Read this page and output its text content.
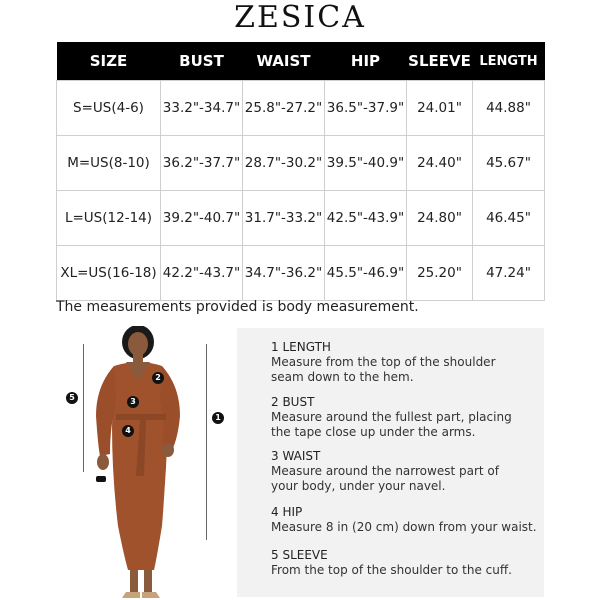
ZESICA
SIZE	BUST	WAIST	HIP	SLEEVE	LENGTH
S=US(4-6)	33.2"-34.7"	25.8"-27.2"	36.5"-37.9"	24.01"	44.88"
M=US(8-10)	36.2"-37.7"	28.7"-30.2"	39.5"-40.9"	24.40"	45.67"
L=US(12-14)	39.2"-40.7"	31.7"-33.2"	42.5"-43.9"	24.80"	46.45"
XL=US(16-18)	42.2"-43.7"	34.7"-36.2"	45.5"-46.9"	25.20"	47.24"
The measurements provided is body measurement.
5
1
2
3
4
1 LENGTH
Measure from the top of the shoulder
seam down to the hem.
2 BUST
Measure around the fullest part, placing
the tape close up under the arms.
3 WAIST
Measure around the narrowest part of
your body, under your navel.
4 HIP
Measure 8 in (20 cm) down from your waist.
5 SLEEVE
From the top of the shoulder to the cuff.
